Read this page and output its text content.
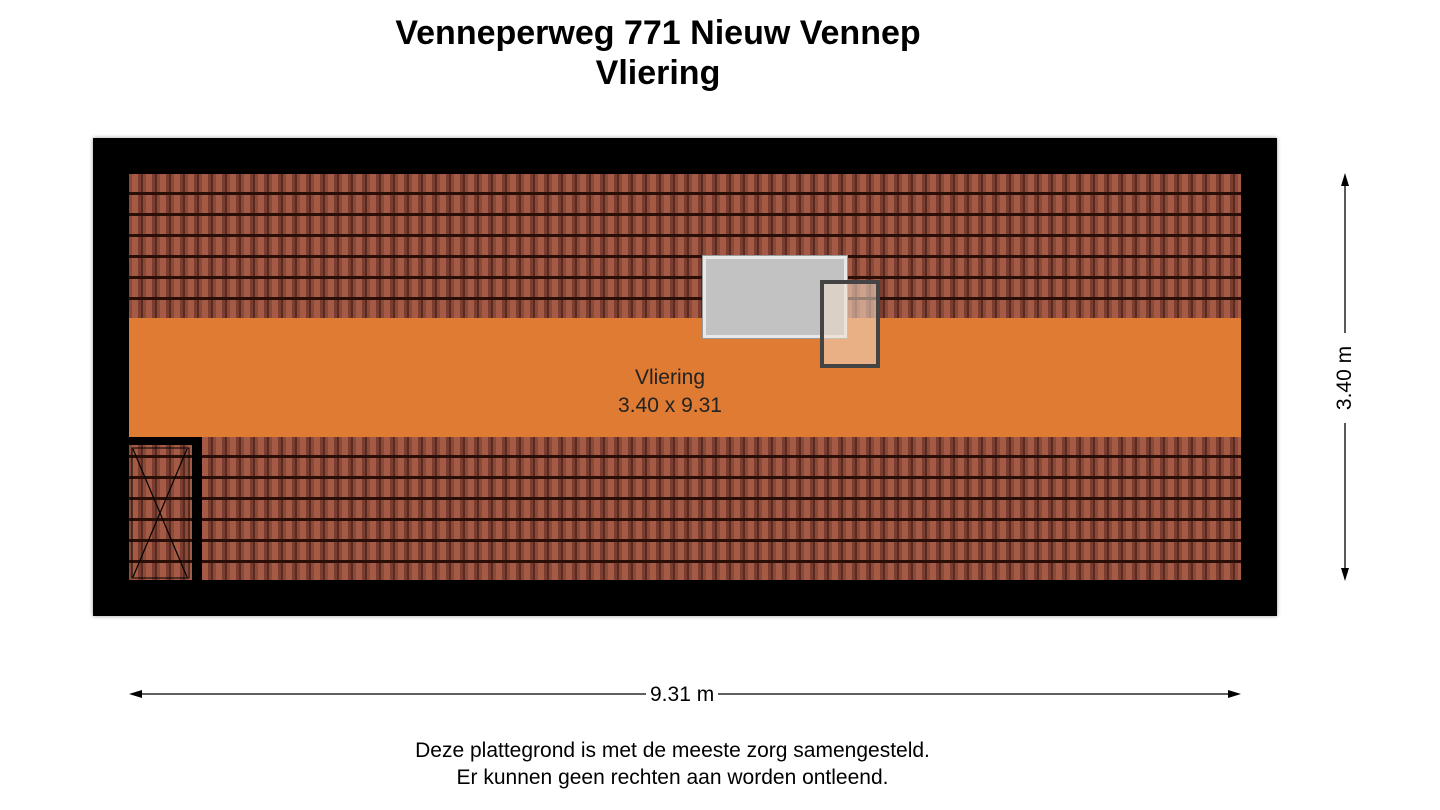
Venneperweg 771 Nieuw Vennep
Vliering
Vliering
3.40 x 9.31	3.40 m
9.31 m
Deze plattegrond is met de meeste zorg samengesteld.
Er kunnen geen rechten aan worden ontleend.
